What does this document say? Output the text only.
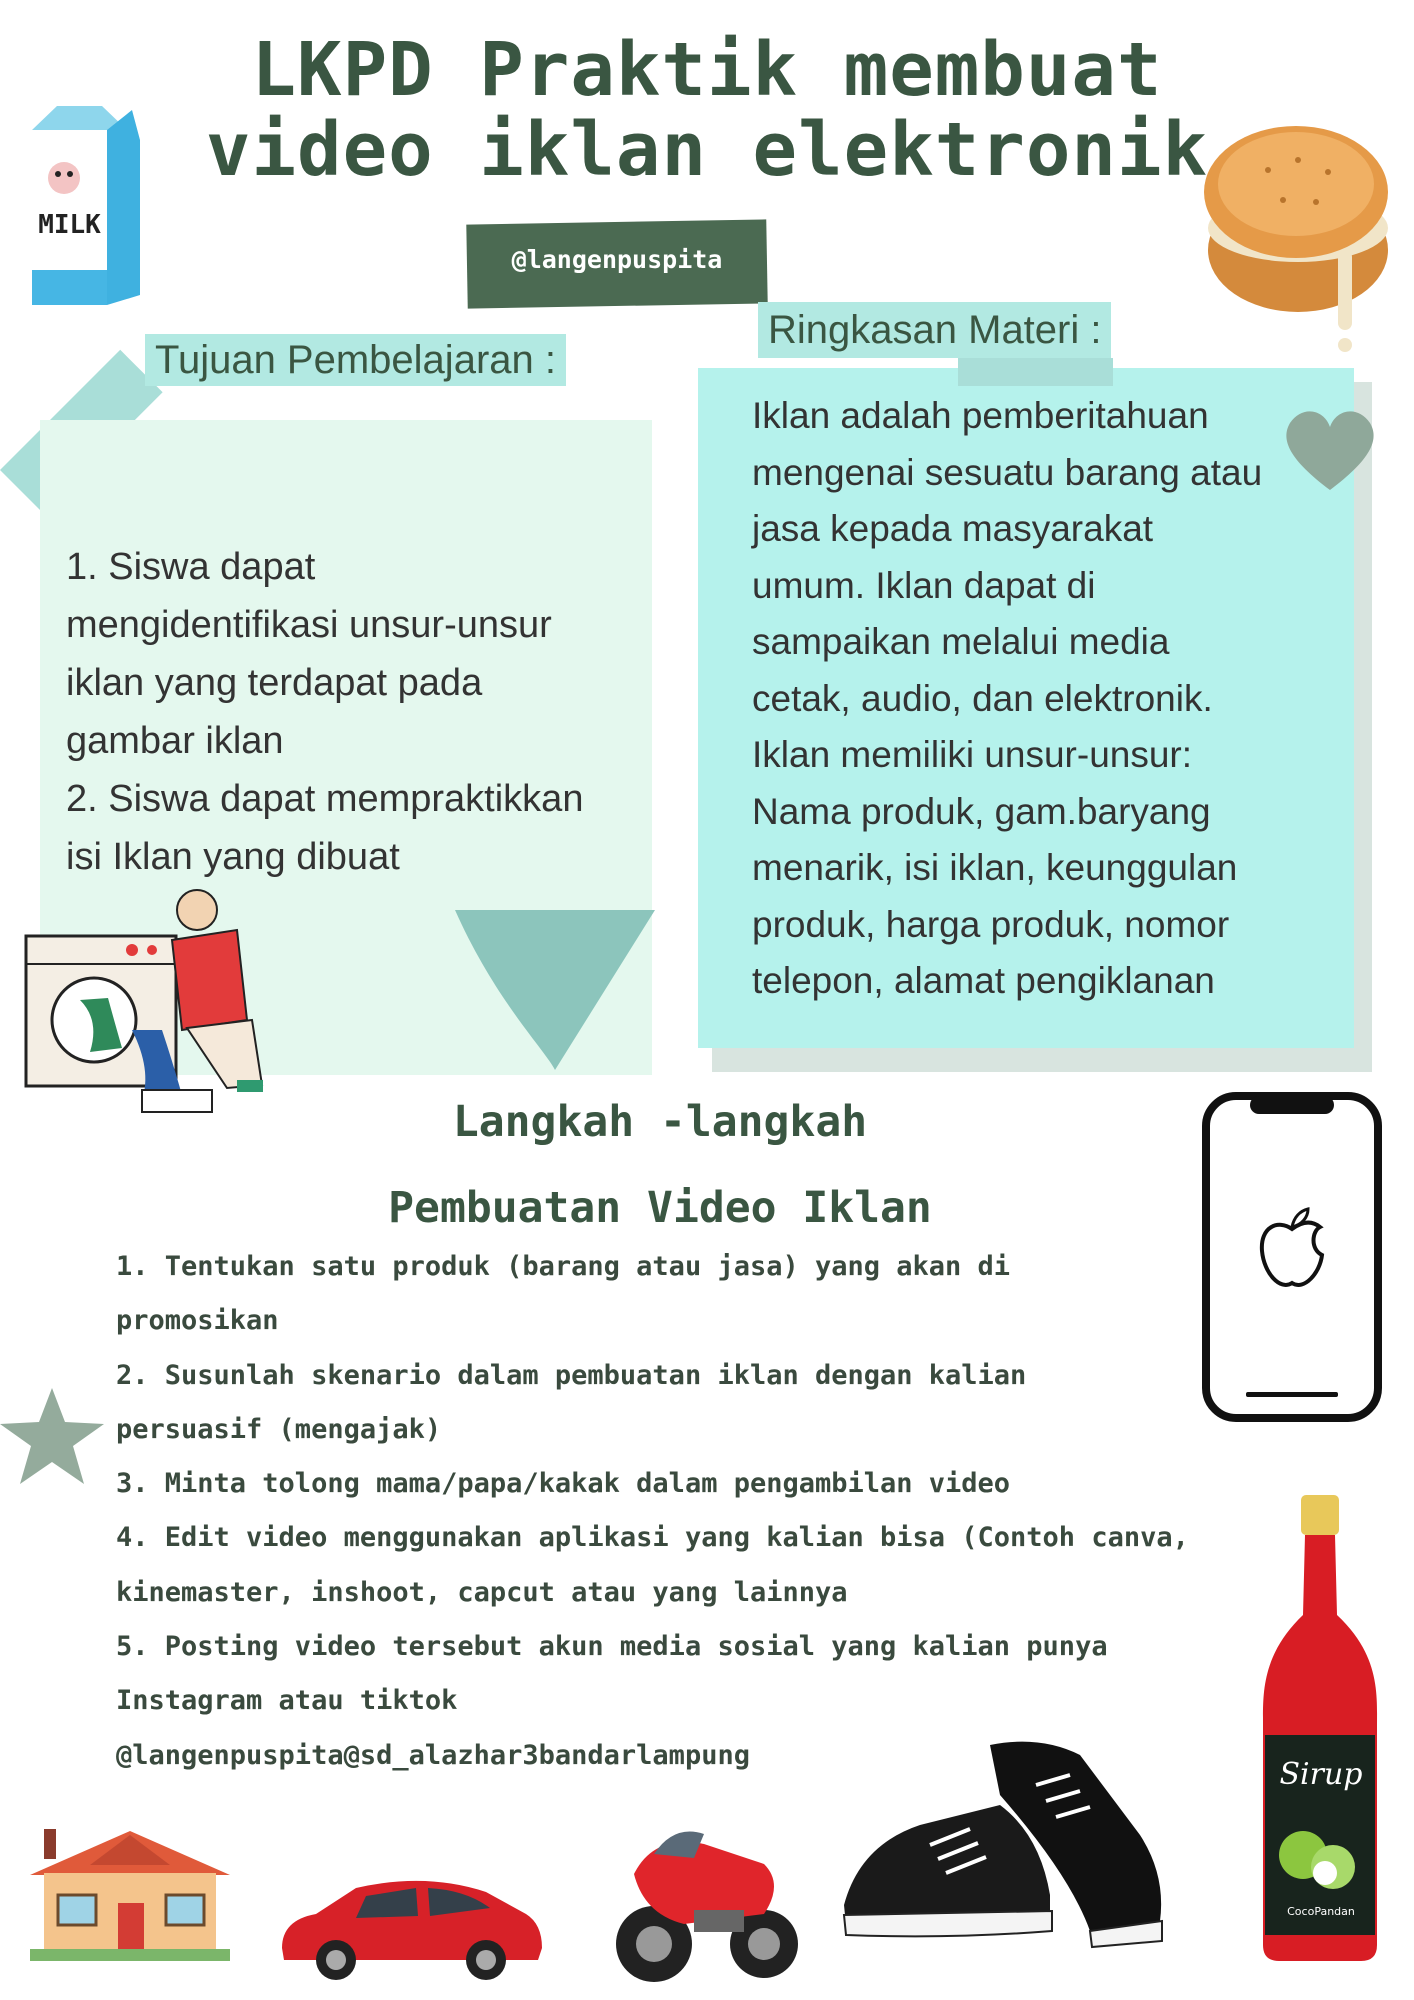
LKPD Praktik membuat
video iklan elektronik
@langenpuspita
MILK
Tujuan Pembelajaran :
1. Siswa dapat
mengidentifikasi unsur-unsur
iklan yang terdapat pada
gambar iklan
2. Siswa dapat mempraktikkan
isi Iklan yang dibuat
Ringkasan Materi :
Iklan adalah pemberitahuan
mengenai sesuatu barang atau
jasa kepada masyarakat
umum. Iklan dapat di
sampaikan melalui media
cetak, audio, dan elektronik.
Iklan memiliki unsur-unsur:
Nama produk, gam.baryang
menarik, isi iklan, keunggulan
produk, harga produk, nomor
telepon, alamat pengiklanan
Langkah -langkah
Pembuatan Video Iklan
1. Tentukan satu produk (barang atau jasa) yang akan di
promosikan
2. Susunlah skenario dalam pembuatan iklan dengan kalian
persuasif (mengajak)
3. Minta tolong mama/papa/kakak dalam pengambilan video
4. Edit video menggunakan aplikasi yang kalian bisa (Contoh canva,
kinemaster, inshoot, capcut atau yang lainnya
5. Posting video tersebut akun media sosial yang kalian punya
Instagram atau tiktok
@langenpuspita@sd_alazhar3bandarlampung
Sirup
CocoPandan
